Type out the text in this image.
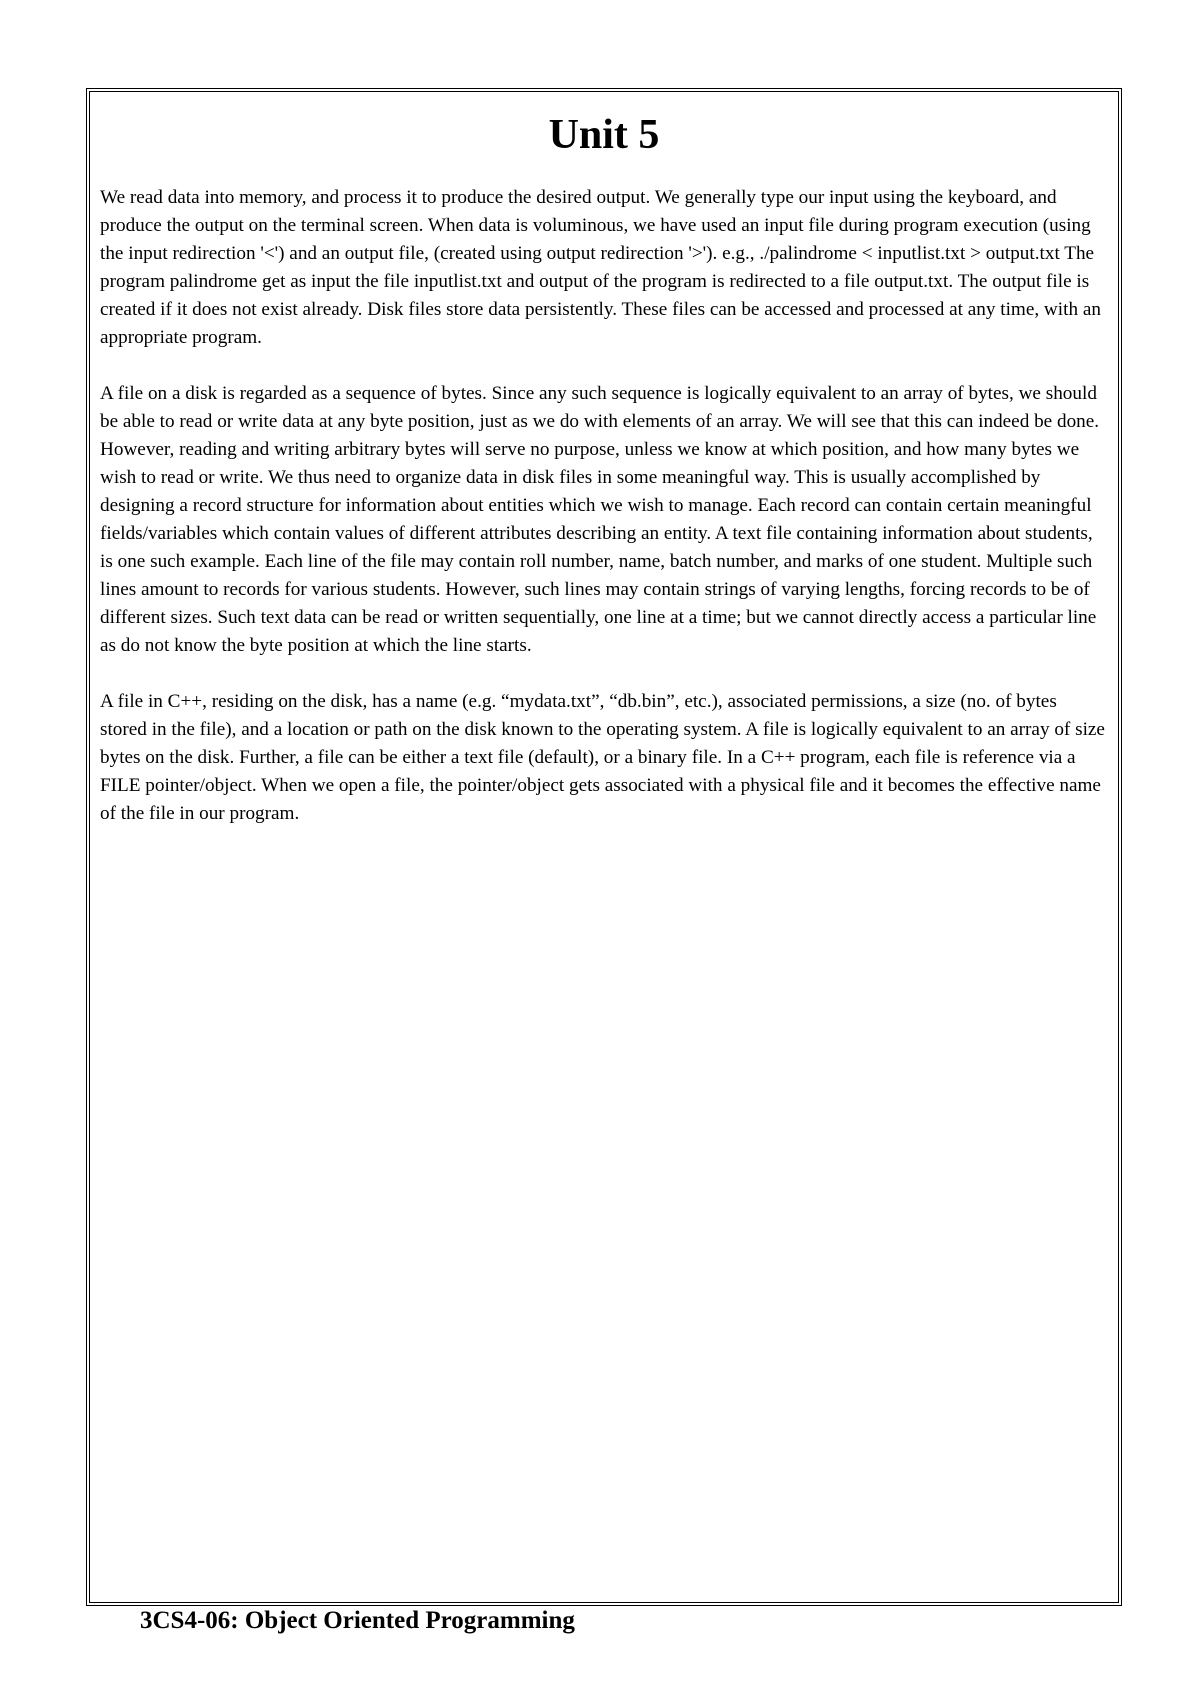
Unit 5

We read data into memory, and process it to produce the desired output. We generally type our input using the keyboard, and produce the output on the terminal screen. When data is voluminous, we have used an input file during program execution (using the input redirection '<') and an output file, (created using output redirection '>'). e.g., ./palindrome < inputlist.txt > output.txt The program palindrome get as input the file inputlist.txt and output of the program is redirected to a file output.txt. The output file is created if it does not exist already. Disk files store data persistently. These files can be accessed and processed at any time, with an appropriate program.

A file on a disk is regarded as a sequence of bytes. Since any such sequence is logically equivalent to an array of bytes, we should be able to read or write data at any byte position, just as we do with elements of an array. We will see that this can indeed be done. However, reading and writing arbitrary bytes will serve no purpose, unless we know at which position, and how many bytes we wish to read or write. We thus need to organize data in disk files in some meaningful way. This is usually accomplished by designing a record structure for information about entities which we wish to manage. Each record can contain certain meaningful fields/variables which contain values of different attributes describing an entity. A text file containing information about students, is one such example. Each line of the file may contain roll number, name, batch number, and marks of one student. Multiple such lines amount to records for various students. However, such lines may contain strings of varying lengths, forcing records to be of different sizes. Such text data can be read or written sequentially, one line at a time; but we cannot directly access a particular line as do not know the byte position at which the line starts.

A file in C++, residing on the disk, has a name (e.g. “mydata.txt”, “db.bin”, etc.), associated permissions, a size (no. of bytes stored in the file), and a location or path on the disk known to the operating system. A file is logically equivalent to an array of size bytes on the disk. Further, a file can be either a text file (default), or a binary file. In a C++ program, each file is reference via a FILE pointer/object. When we open a file, the pointer/object gets associated with a physical file and it becomes the effective name of the file in our program.

3CS4-06: Object Oriented Programming
